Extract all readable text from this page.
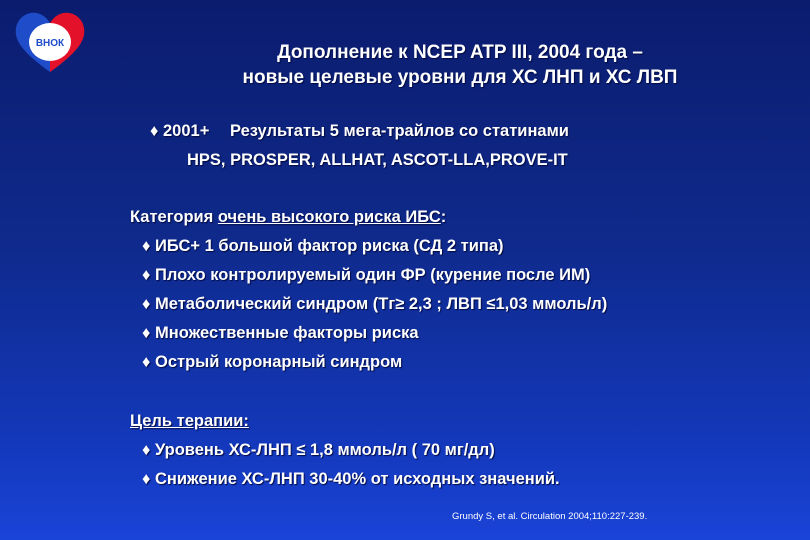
ВНОК	Дополнение к NCEP ATP III, 2004 года –
новые целевые уровни для ХС ЛНП и ХС ЛВП
♦ 2001+ Результаты 5 мега-трайлов со статинами
HPS, PROSPER, ALLHAT, ASCOT-LLA,PROVE-IT
Категория очень высокого риска ИБС:
♦ ИБС+ 1 большой фактор риска (СД 2 типа)
♦ Плохо контролируемый один ФР (курение после ИМ)
♦ Метаболический синдром (Тг≥ 2,3 ; ЛВП ≤1,03 ммоль/л)
♦ Множественные факторы риска
♦ Острый коронарный синдром
Цель терапии:
♦ Уровень ХС-ЛНП ≤ 1,8 ммоль/л ( 70 мг/дл)
♦ Снижение ХС-ЛНП 30-40% от исходных значений.
Grundy S, et al. Circulation 2004;110:227-239.
